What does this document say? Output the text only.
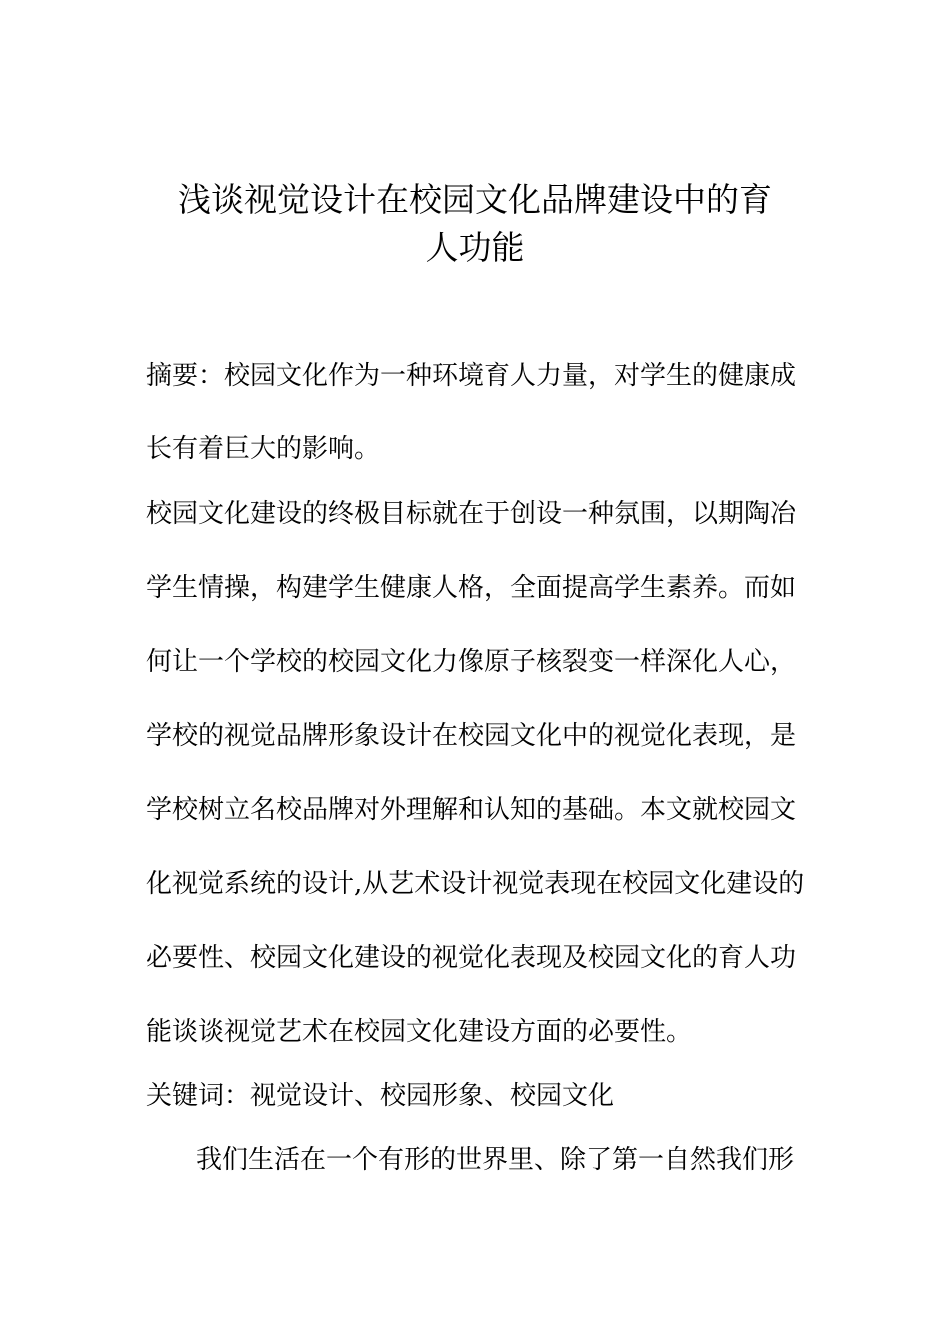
浅谈视觉设计在校园文化品牌建设中的育
人功能

摘要：校园文化作为一种环境育人力量，对学生的健康成

长有着巨大的影响。

校园文化建设的终极目标就在于创设一种氛围，以期陶冶

学生情操，构建学生健康人格，全面提高学生素养。而如

何让一个学校的校园文化力像原子核裂变一样深化人心，

学校的视觉品牌形象设计在校园文化中的视觉化表现，是

学校树立名校品牌对外理解和认知的基础。本文就校园文

化视觉系统的设计,从艺术设计视觉表现在校园文化建设的

必要性、校园文化建设的视觉化表现及校园文化的育人功

能谈谈视觉艺术在校园文化建设方面的必要性。

关键词：视觉设计、校园形象、校园文化

我们生活在一个有形的世界里、除了第一自然我们形
